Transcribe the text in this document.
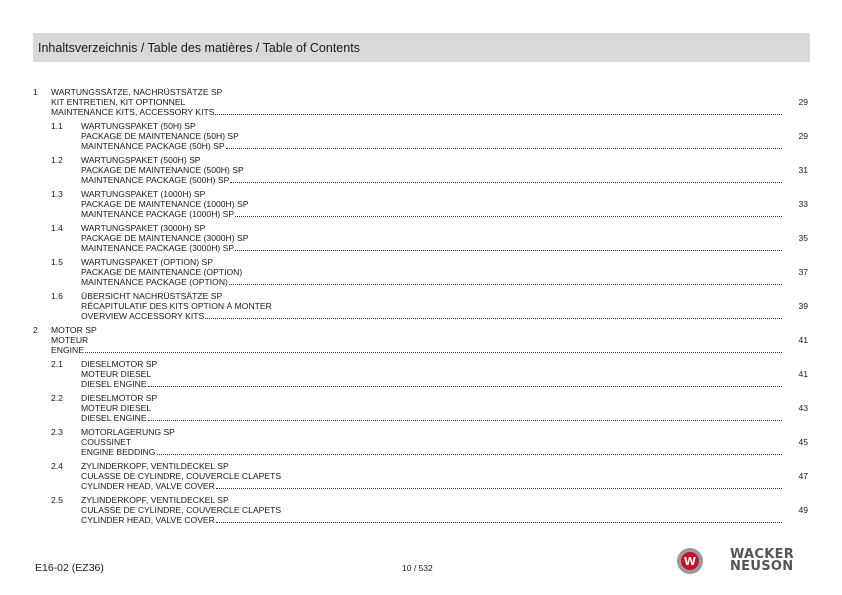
Inhaltsverzeichnis / Table des matières / Table of Contents
1 WARTUNGSSÄTZE, NACHRÜSTSÄTZE SP
KIT ENTRETIEN, KIT OPTIONNEL
MAINTENANCE KITS, ACCESSORY KITS
29
1.1 WARTUNGSPAKET (50H) SP
PACKAGE DE MAINTENANCE (50H) SP
MAINTENANCE PACKAGE (50H) SP
29
1.2 WARTUNGSPAKET (500H) SP
PACKAGE DE MAINTENANCE (500H) SP
MAINTENANCE PACKAGE (500H) SP
31
1.3 WARTUNGSPAKET (1000H) SP
PACKAGE DE MAINTENANCE (1000H) SP
MAINTENANCE PACKAGE (1000H) SP
33
1.4 WARTUNGSPAKET (3000H) SP
PACKAGE DE MAINTENANCE (3000H) SP
MAINTENANCE PACKAGE (3000H) SP
35
1.5 WARTUNGSPAKET (OPTION) SP
PACKAGE DE MAINTENANCE (OPTION)
MAINTENANCE PACKAGE (OPTION)
37
1.6 ÜBERSICHT NACHRÜSTSÄTZE SP
RÉCAPITULATIF DES KITS OPTION À MONTER
OVERVIEW ACCESSORY KITS
39
2 MOTOR SP
MOTEUR
ENGINE
41
2.1 DIESELMOTOR SP
MOTEUR DIESEL
DIESEL ENGINE
41
2.2 DIESELMOTOR SP
MOTEUR DIESEL
DIESEL ENGINE
43
2.3 MOTORLAGERUNG SP
COUSSINET
ENGINE BEDDING
45
2.4 ZYLINDERKOPF, VENTILDECKEL SP
CULASSE DE CYLINDRE, COUVERCLE CLAPETS
CYLINDER HEAD, VALVE COVER
47
2.5 ZYLINDERKOPF, VENTILDECKEL SP
CULASSE DE CYLINDRE, COUVERCLE CLAPETS
CYLINDER HEAD, VALVE COVER
49
E16-02 (EZ36)	10 / 532
W	WACKER
NEUSON
